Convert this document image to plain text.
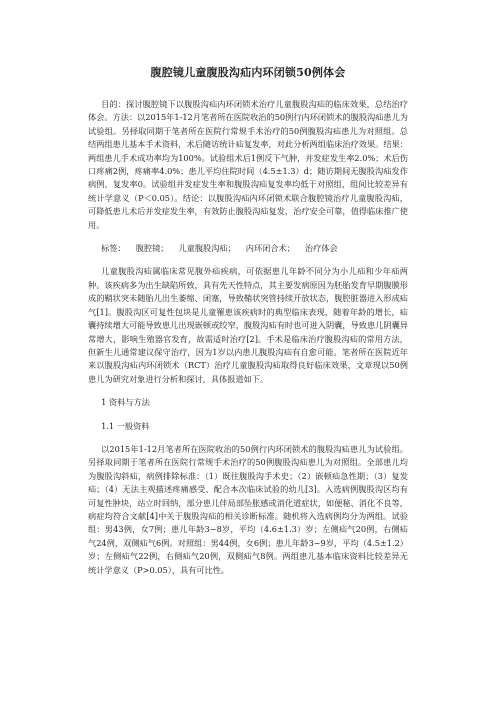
腹腔镜儿童腹股沟疝内环闭锁50例体会

目的：探讨腹腔镜下以腹股沟疝内环闭锁术治疗儿童腹股沟疝的临床效果，总结治疗体会。方法：以2015年1-12月笔者所在医院收治的50例行内环闭锁术的腹股沟疝患儿为试验组。另择取同期于笔者所在医院行常规手术治疗的50例腹股沟疝患儿为对照组。总结两组患儿基本手术资料，术后随访统计疝复发率，对此分析两组临床治疗效果。结果：两组患儿手术成功率均为100%。试验组术后1例反下气肿，并发症发生率2.0%；术后伤口疼痛2例，疼痛率4.0%；患儿平均住院时间（4.5±1.3）d；随访期间无腹股沟疝发作病例，复发率0。试验组并发症发生率和腹股沟疝复发率均低于对照组，组间比较差异有统计学意义（P＜0.05）。结论：以腹股沟疝内环闭锁术联合腹腔镜治疗儿童腹股沟疝，可降低患儿术后并发症发生率，有效防止腹股沟疝复发，治疗安全可靠，值得临床推广使用。

标签： 腹腔镜； 儿童腹股沟疝； 内环闭合术； 治疗体会

儿童腹股沟疝属临床常见腹外疝疾病，可依据患儿年龄不同分为小儿疝和少年疝两种。该疾病多为出生缺陷所致，具有先天性特点，其主要发病原因为胚胎发育早期腹膜形成的鞘状突未随胎儿出生萎缩、闭塞，导致鞘状突管持续开放状态，腹腔脏器进入形成疝气[1]。腹股沟区可复性包块是儿童罹患该疾病时的典型临床表现，随着年龄的增长，疝囊持续增大可能导致患儿出现嵌顿或绞窄，腹股沟疝有时也可进入阴囊，导致患儿阴囊异常增大，影响生殖器官发育，故需适时治疗[2]。手术是临床治疗腹股沟疝的常用方法，但新生儿通常建议保守治疗，因为1岁以内患儿腹股沟疝有自愈可能。笔者所在医院近年来以腹股沟疝内环闭锁术（RCT）治疗儿童腹股沟疝取得良好临床效果，文章现以50例患儿为研究对象进行分析和探讨，具体报道如下。

1 资料与方法
1.1 一般资料

以2015年1-12月笔者所在医院收治的50例行内环闭锁术的腹股沟疝患儿为试验组。另择取同期于笔者所在医院行常规手术治疗的50例腹股沟疝患儿为对照组。全部患儿均为腹股沟斜疝，病例排除标准：（1）既往腹股沟手术史；（2）嵌顿疝急性期；（3）复发疝；（4）无法主观描述疼痛感受、配合本次临床试验的幼儿[3]。入选病例腹股沟区均有可复性肿块，站立时回纳，部分患儿伴局部坠胀感或消化道症状，如便秘、消化不良等，病症均符合文献[4]中关于腹股沟疝的相关诊断标准。随机将入选病例均分为两组。试验组：男43例，女7例；患儿年龄3~8岁，平均（4.6±1.3）岁；左侧疝气20例，右侧疝气24例，双侧疝气6例。对照组：男44例，女6例；患儿年龄3~9岁，平均（4.5±1.2）岁；左侧疝气22例，右侧疝气20例，双侧疝气8例。两组患儿基本临床资料比较差异无统计学意义（P>0.05），具有可比性。
